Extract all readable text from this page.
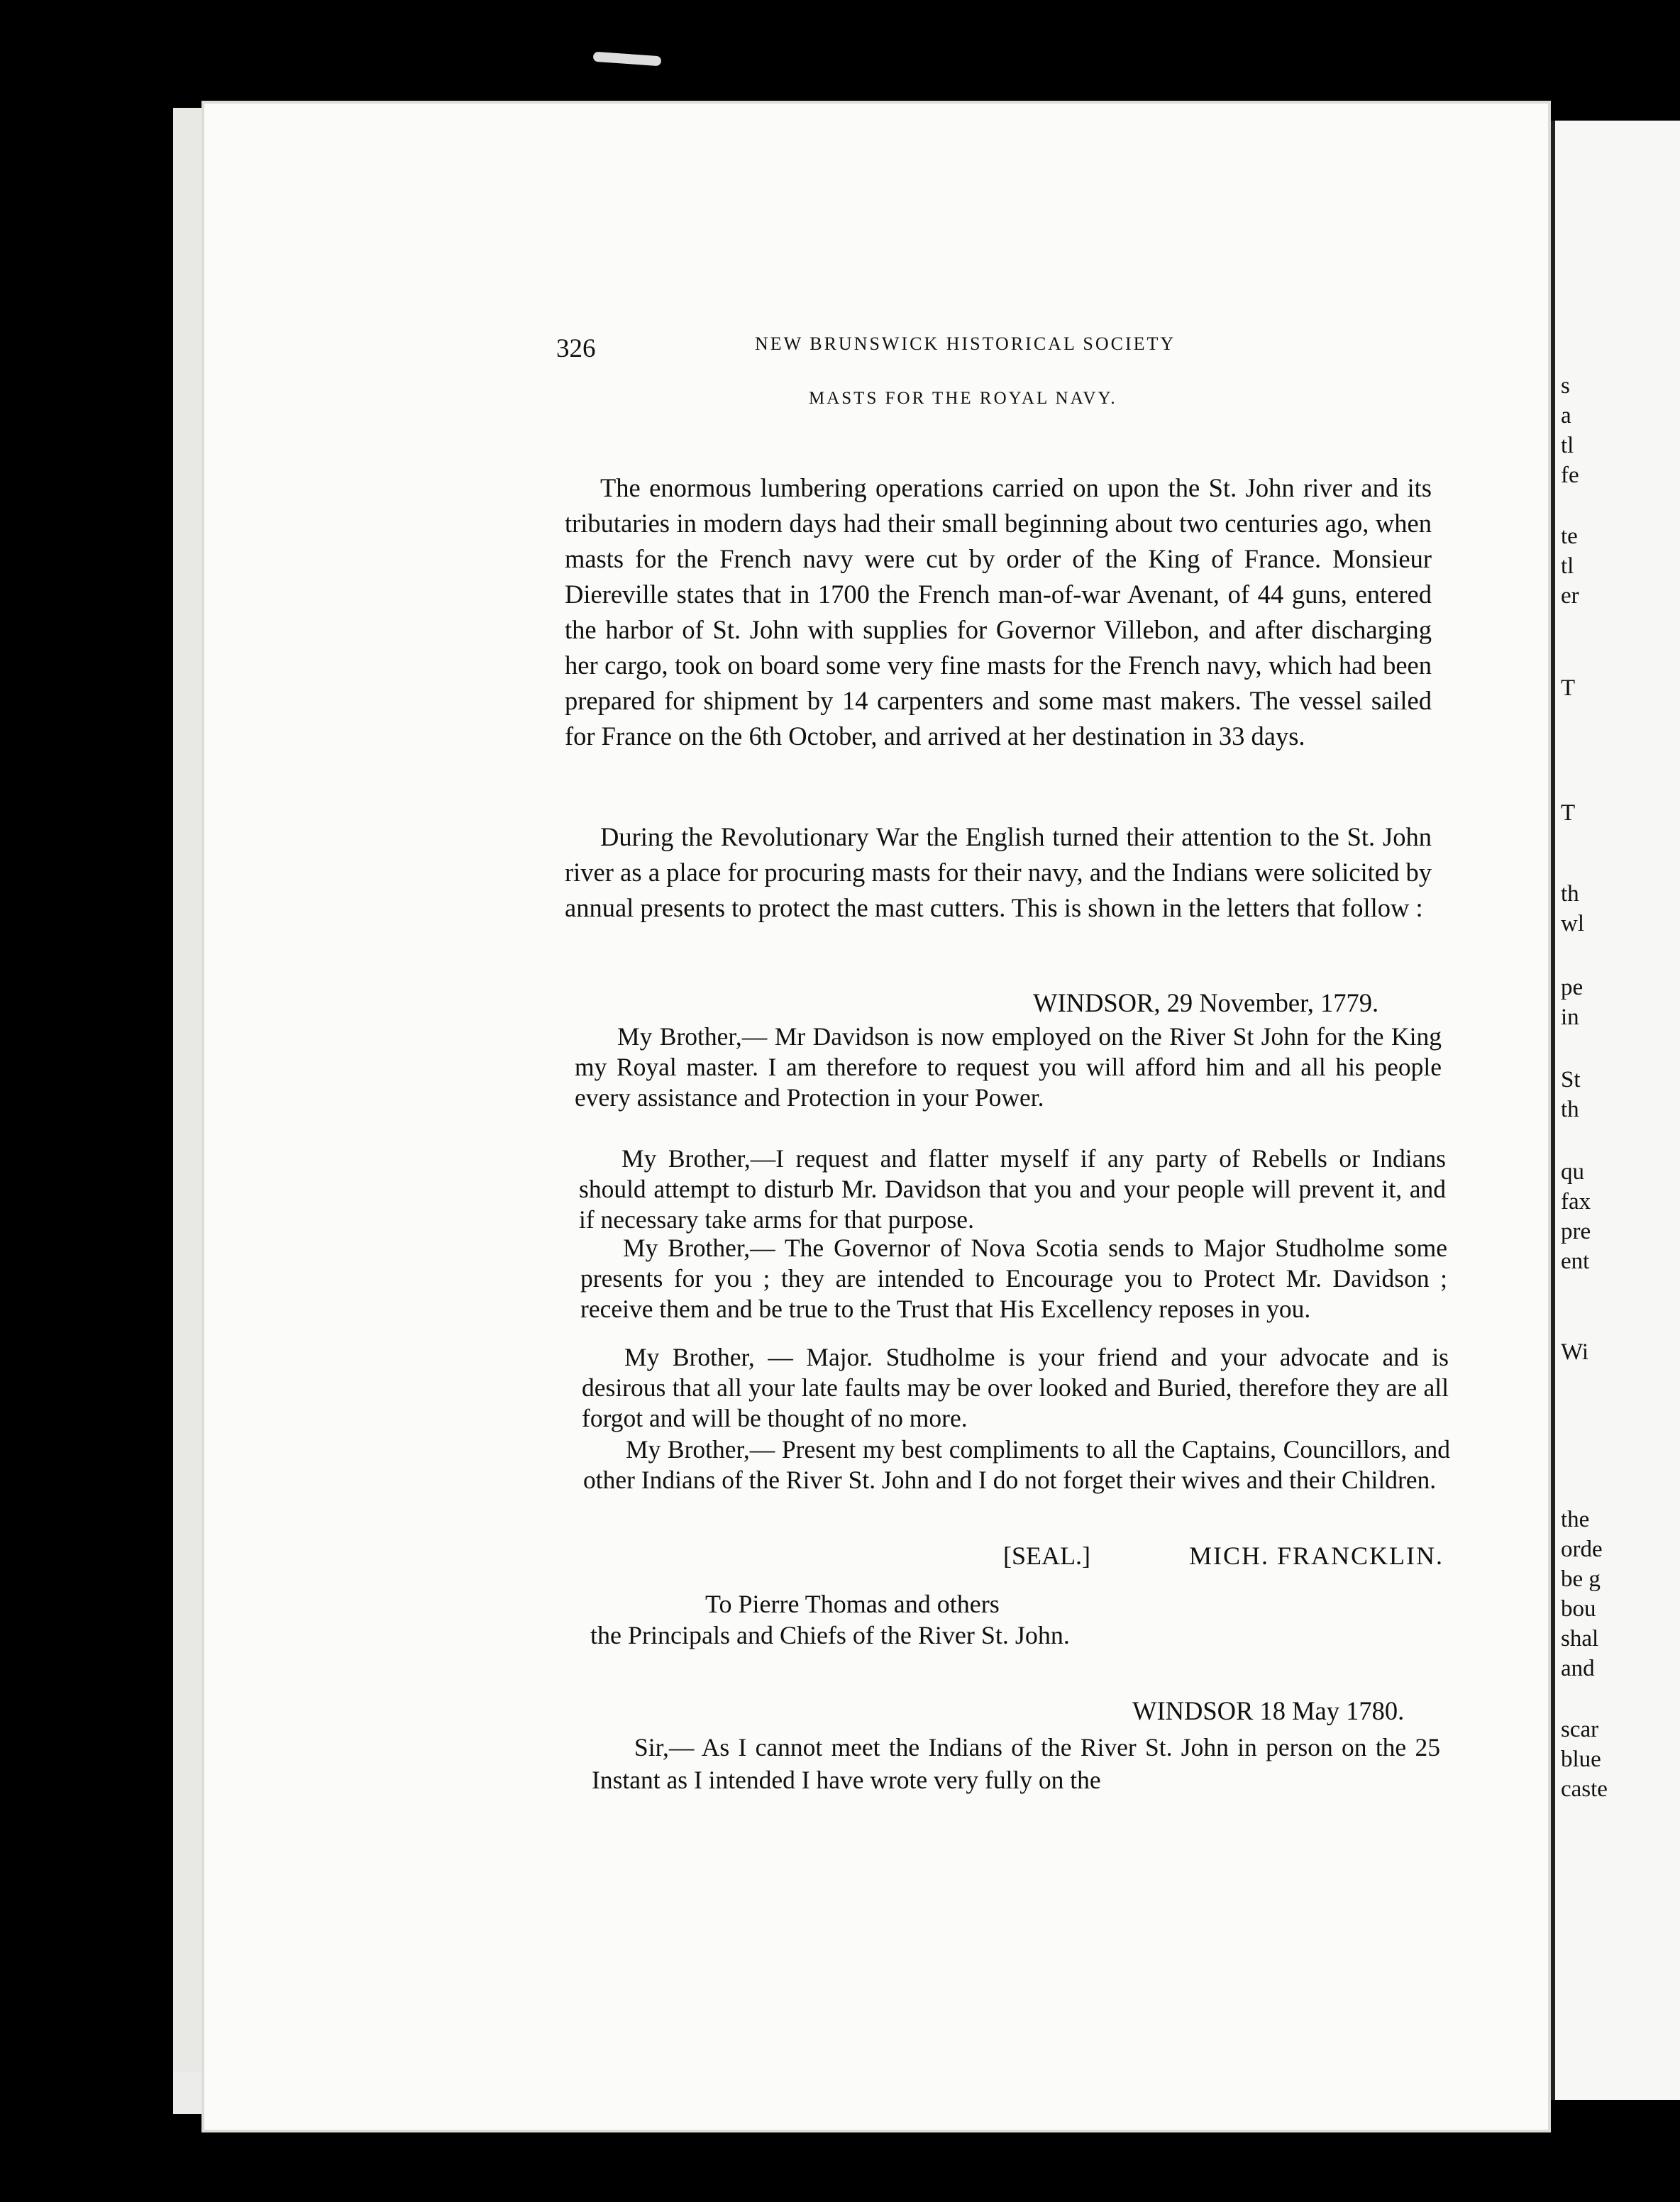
s
a
tl
fe
te
tl
er
T
T
th
wl
pe
in
St
th
qu
fax
pre
ent
Wi
the
orde
be g
bou
shal
and
scar
blue
caste
326	NEW BRUNSWICK HISTORICAL SOCIETY
MASTS FOR THE ROYAL NAVY.

The enormous lumbering operations carried on upon the St. John river and its tributaries in modern days had their small beginning about two centuries ago, when masts for the French navy were cut by order of the King of France. Monsieur Diereville states that in 1700 the French man-of-war Avenant, of 44 guns, entered the harbor of St. John with supplies for Governor Villebon, and after discharging her cargo, took on board some very fine masts for the French navy, which had been prepared for shipment by 14 carpenters and some mast makers. The vessel sailed for France on the 6th October, and arrived at her destination in 33 days.

During the Revolutionary War the English turned their attention to the St. John river as a place for procuring masts for their navy, and the Indians were solicited by annual presents to protect the mast cutters. This is shown in the letters that follow :

WINDSOR, 29 November, 1779.

My Brother,— Mr Davidson is now employed on the River St John for the King my Royal master. I am therefore to request you will afford him and all his people every assistance and Protection in your Power.

My Brother,—I request and flatter myself if any party of Rebells or Indians should attempt to disturb Mr. Davidson that you and your people will prevent it, and if necessary take arms for that purpose.

My Brother,— The Governor of Nova Scotia sends to Major Studholme some presents for you ; they are intended to Encourage you to Protect Mr. Davidson ; receive them and be true to the Trust that His Excellency reposes in you.

My Brother, — Major. Studholme is your friend and your advocate and is desirous that all your late faults may be over looked and Buried, therefore they are all forgot and will be thought of no more.

My Brother,— Present my best compliments to all the Captains, Councillors, and other Indians of the River St. John and I do not forget their wives and their Children.

[SEAL.]	MICH. FRANCKLIN.
To Pierre Thomas and others
the Principals and Chiefs of the River St. John.
WINDSOR 18 May 1780.

Sir,— As I cannot meet the Indians of the River St. John in person on the 25 Instant as I intended I have wrote very fully on the
